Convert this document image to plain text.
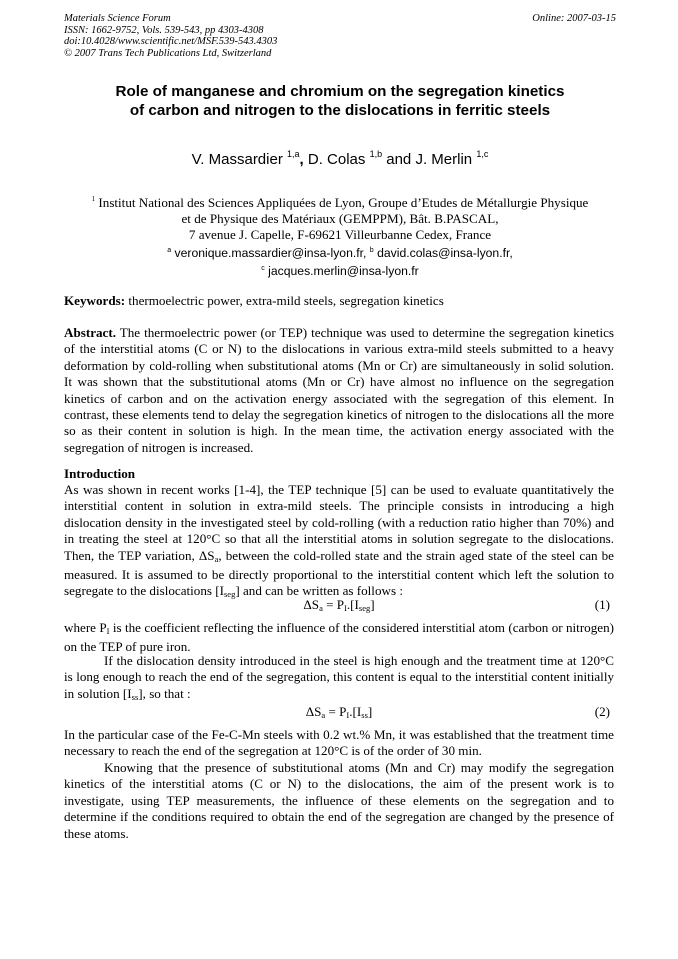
Materials Science Forum
ISSN: 1662-9752, Vols. 539-543, pp 4303-4308
doi:10.4028/www.scientific.net/MSF.539-543.4303
© 2007 Trans Tech Publications Ltd, Switzerland
Online: 2007-03-15
Role of manganese and chromium on the segregation kinetics
of carbon and nitrogen to the dislocations in ferritic steels
V. Massardier $^{1,a}$, D. Colas $^{1,b}$ and J. Merlin $^{1,c}$
$^1$ Institut National des Sciences Appliquées de Lyon, Groupe d’Etudes de Métallurgie Physique
et de Physique des Matériaux (GEMPPM), Bât. B.PASCAL,
7 avenue J. Capelle, F-69621 Villeurbanne Cedex, France
$^a$ veronique.massardier@insa-lyon.fr, $^b$ david.colas@insa-lyon.fr,
$^c$ jacques.merlin@insa-lyon.fr
Keywords: thermoelectric power, extra-mild steels, segregation kinetics
Abstract. The thermoelectric power (or TEP) technique was used to determine the segregation kinetics of the interstitial atoms (C or N) to the dislocations in various extra-mild steels submitted to a heavy deformation by cold-rolling when substitutional atoms (Mn or Cr) are simultaneously in solid solution. It was shown that the substitutional atoms (Mn or Cr) have almost no influence on the segregation kinetics of carbon and on the activation energy associated with the segregation of this element. In contrast, these elements tend to delay the segregation kinetics of nitrogen to the dislocations all the more so as their content in solution is high. In the mean time, the activation energy associated with the segregation of nitrogen is increased.
Introduction
As was shown in recent works [1-4], the TEP technique [5] can be used to evaluate quantitatively the interstitial content in solution in extra-mild steels. The principle consists in introducing a high dislocation density in the investigated steel by cold-rolling (with a reduction ratio higher than 70%) and in treating the steel at 120°C so that all the interstitial atoms in solution segregate to the dislocations. Then, the TEP variation, $\Delta S_a$, between the cold-rolled state and the strain aged state of the steel can be measured. It is assumed to be directly proportional to the interstitial content which left the solution to segregate to the dislocations $[I_{seg}]$ and can be written as follows :
$\Delta S_a = P_I.[I_{seg}]$	(1)
where $P_I$ is the coefficient reflecting the influence of the considered interstitial atom (carbon or nitrogen) on the TEP of pure iron.
If the dislocation density introduced in the steel is high enough and the treatment time at 120°C is long enough to reach the end of the segregation, this content is equal to the interstitial content initially in solution $[I_{ss}]$, so that :
$\Delta S_a = P_I.[I_{ss}]$	(2)
In the particular case of the Fe-C-Mn steels with 0.2 wt.% Mn, it was established that the treatment time necessary to reach the end of the segregation at 120°C is of the order of 30 min.
Knowing that the presence of substitutional atoms (Mn and Cr) may modify the segregation kinetics of the interstitial atoms (C or N) to the dislocations, the aim of the present work is to investigate, using TEP measurements, the influence of these elements on the segregation and to determine if the conditions required to obtain the end of the segregation are changed by the presence of these atoms.
